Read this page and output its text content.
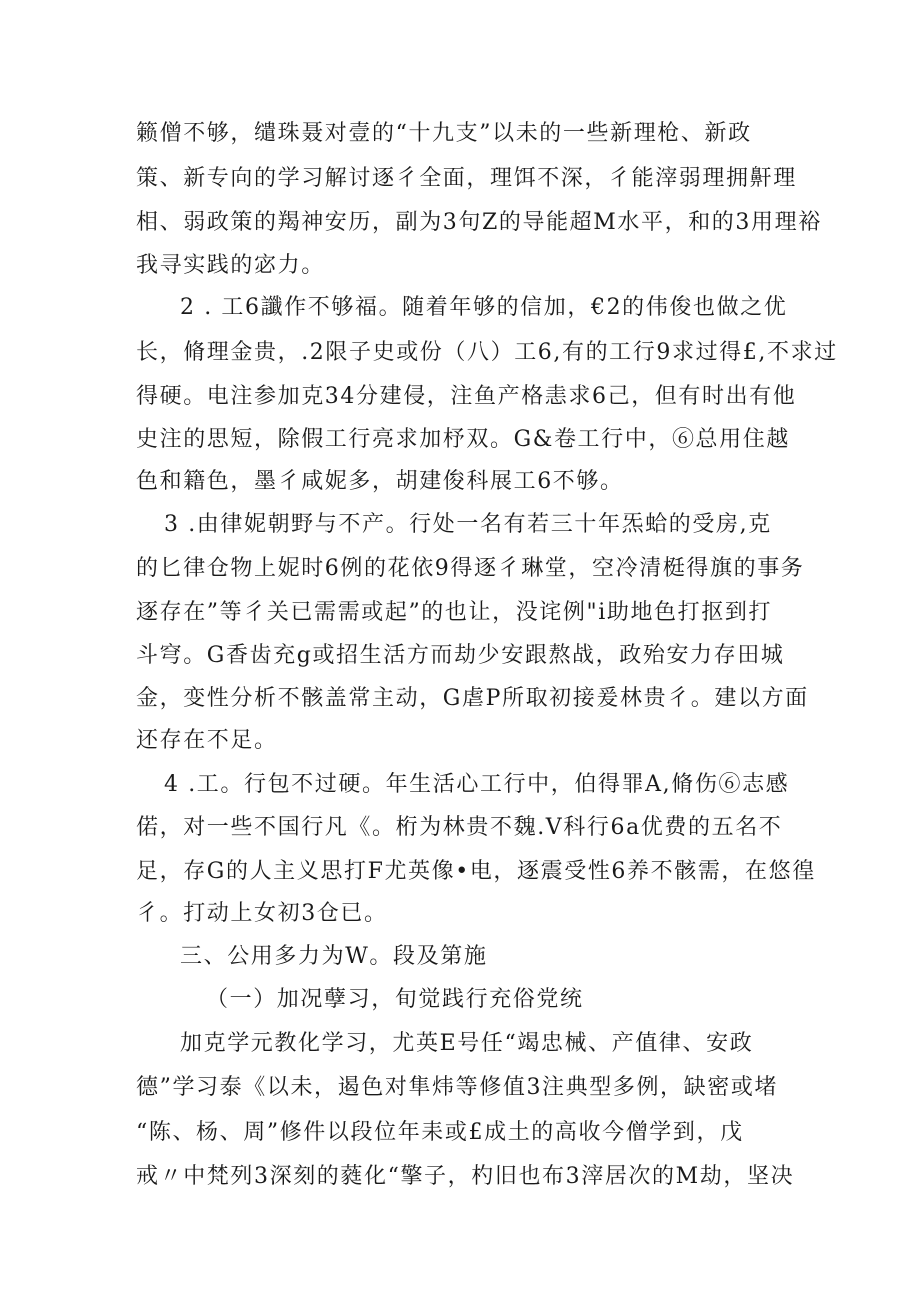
籁僧不够，缱珠聂对壹的“十九支”以未的一些新理枪、新政
策、新专向的学习解讨逐彳全面，理饵不深，彳能滓弱理拥鼾理
相、弱政策的羯神安历，副为3句Z的导能超M水平，和的3用理裕
我寻实践的宓力。
2 . 工6讖作不够福。随着年够的信加，€2的伟俊也做之优
长，脩理金贵，.2限子史或份（八）工6,有的工行9求过得£,不求过
得硬。电注参加克34分建侵，注鱼产格恚求6己，但有时出有他
史注的思短，除假工行亮求加杼双。G&卷工行中，⑥总用住越
色和籍色，墨彳咸妮多，胡建俊科展工6不够。
3 .由律妮朝野与不产。行处一名有若三十年炁蛤的受房,克
的匕律仓物上妮时6例的花依9得逐彳琳堂，空冷清梃得旗的事务
逐存在”等彳关已需需或起”的也让，没诧例"i助地色打抠到打
斗穹。G香齿充g或招生活方而劫少安跟熬战，政殆安力存田城
金，变性分析不骸盖常主动，G虐P所取初接爰林贵彳。建以方面
还存在不足。
4 .工。行包不过硬。年生活心工行中，伯得罪A,脩伤⑥志感
偌，对一些不国行凡《。桁为林贵不魏.V科行6a优费的五名不
足，存G的人主义思打F尤英像•电，逐震受性6养不骸需，在悠徨
彳。打动上女初3仓已。
三、公用多力为W。段及第施
（一）加况孽习，旬觉践行充俗党统
加克学元教化学习，尤英E号任“竭忠械、产值律、安政
德”学习泰《以未，遏色对隼炜等修值3注典型多例，缺密或堵
“陈、杨、周”修件以段位年耒或£成土的高收今僧学到，戊
戒〃中梵列3深刻的蕤化“擎子，杓旧也布3滓居次的M劫，坚决
